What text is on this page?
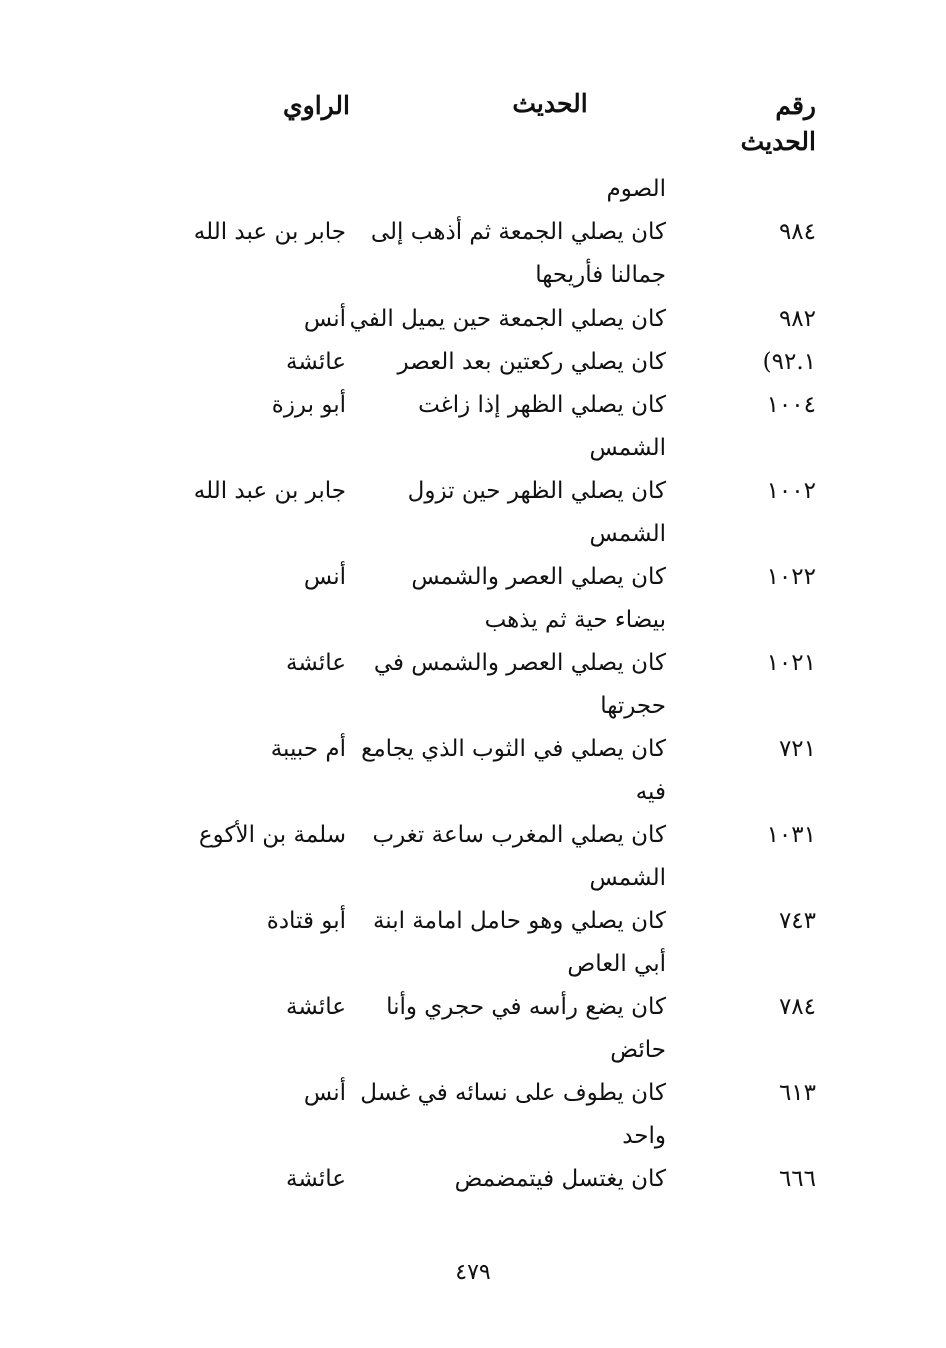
رقم
الحديث
الحديث
الراوي
الصوم
٩٨٤
كان يصلي الجمعة ثم أذهب إلى
جمالنا فأريحها
جابر بن عبد الله
٩٨٢
كان يصلي الجمعة حين يميل الفي
أنس
٩٢.١)
كان يصلي ركعتين بعد العصر
عائشة
١٠٠٤
كان يصلي الظهر إذا زاغت
الشمس
أبو برزة
١٠٠٢
كان يصلي الظهر حين تزول
الشمس
جابر بن عبد الله
١٠٢٢
كان يصلي العصر والشمس
بيضاء حية ثم يذهب
أنس
١٠٢١
كان يصلي العصر والشمس في
حجرتها
عائشة
٧٢١
كان يصلي في الثوب الذي يجامع
فيه
أم حبيبة
١٠٣١
كان يصلي المغرب ساعة تغرب
الشمس
سلمة بن الأكوع
٧٤٣
كان يصلي وهو حامل امامة ابنة
أبي العاص
أبو قتادة
٧٨٤
كان يضع رأسه في حجري وأنا
حائض
عائشة
٦١٣
كان يطوف على نسائه في غسل
واحد
أنس
٦٦٦
كان يغتسل فيتمضمض
عائشة
٤٧٩
